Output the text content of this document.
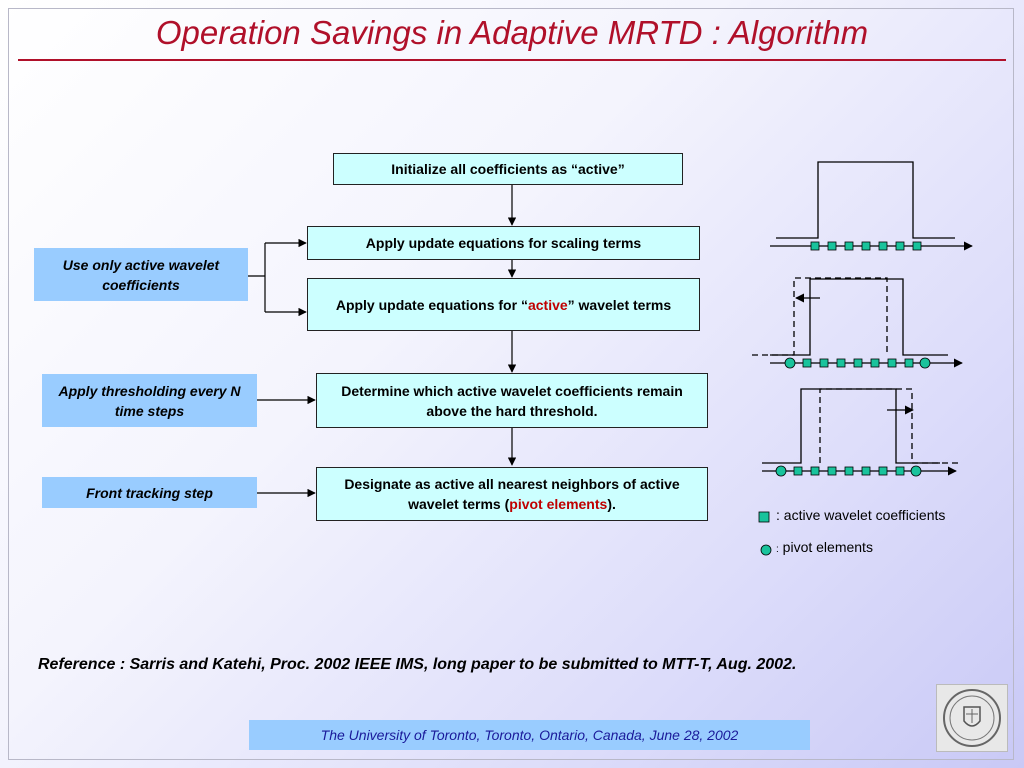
Operation Savings in Adaptive MRTD : Algorithm
Initialize all coefficients as “active”
Apply update equations for scaling terms
Apply update equations for “active” wavelet terms
Determine which active wavelet coefficients remain above the hard threshold.
Designate as active all nearest neighbors of active wavelet terms (pivot elements).
Use only active wavelet coefficients
Apply thresholding every N time steps
Front tracking step
: active wavelet coefficients
: pivot elements
Reference : Sarris and Katehi, Proc. 2002 IEEE IMS, long paper to be submitted to MTT-T, Aug. 2002.
The University of Toronto, Toronto, Ontario, Canada, June 28, 2002
